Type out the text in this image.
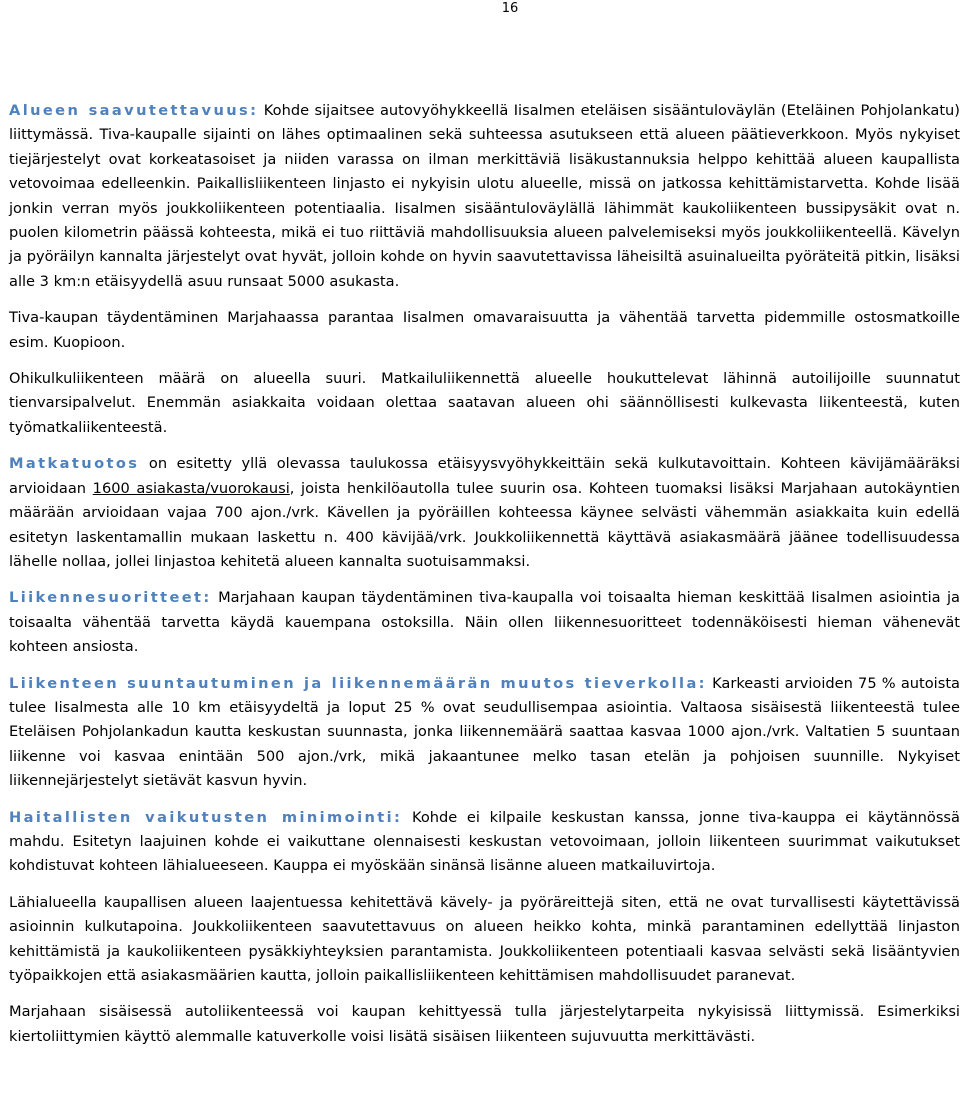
16

Alueen saavutettavuus: Kohde sijaitsee autovyöhykkeellä Iisalmen eteläisen sisääntuloväylän (Eteläinen Pohjolankatu) liittymässä. Tiva-kaupalle sijainti on lähes optimaalinen sekä suhteessa asutukseen että alueen päätieverkkoon. Myös nykyiset tiejärjestelyt ovat korkeatasoiset ja niiden varassa on ilman merkittäviä lisäkustannuksia helppo kehittää alueen kaupallista vetovoimaa edelleenkin. Paikallisliikenteen linjasto ei nykyisin ulotu alueelle, missä on jatkossa kehittämistarvetta. Kohde lisää jonkin verran myös joukkoliikenteen potentiaalia. Iisalmen sisääntuloväylällä lähimmät kaukoliikenteen bussipysäkit ovat n. puolen kilometrin päässä kohteesta, mikä ei tuo riittäviä mahdollisuuksia alueen palvelemiseksi myös joukkoliikenteellä. Kävelyn ja pyöräilyn kannalta järjestelyt ovat hyvät, jolloin kohde on hyvin saavutettavissa läheisiltä asuinalueilta pyöräteitä pitkin, lisäksi alle 3 km:n etäisyydellä asuu runsaat 5000 asukasta.

Tiva-kaupan täydentäminen Marjahaassa parantaa Iisalmen omavaraisuutta ja vähentää tarvetta pidemmille ostosmatkoille esim. Kuopioon.

Ohikulkuliikenteen määrä on alueella suuri. Matkailuliikennettä alueelle houkuttelevat lähinnä autoilijoille suunnatut tienvarsipalvelut. Enemmän asiakkaita voidaan olettaa saatavan alueen ohi säännöllisesti kulkevasta liikenteestä, kuten työmatkaliikenteestä.

Matkatuotos on esitetty yllä olevassa taulukossa etäisyysvyöhykkeittäin sekä kulkutavoittain. Kohteen kävijämääräksi arvioidaan 1600 asiakasta/vuorokausi, joista henkilöautolla tulee suurin osa. Kohteen tuomaksi lisäksi Marjahaan autokäyntien määrään arvioidaan vajaa 700 ajon./vrk. Kävellen ja pyöräillen kohteessa käynee selvästi vähemmän asiakkaita kuin edellä esitetyn laskentamallin mukaan laskettu n. 400 kävijää/vrk. Joukkoliikennettä käyttävä asiakasmäärä jäänee todellisuudessa lähelle nollaa, jollei linjastoa kehitetä alueen kannalta suotuisammaksi.

Liikennesuoritteet: Marjahaan kaupan täydentäminen tiva-kaupalla voi toisaalta hieman keskittää Iisalmen asiointia ja toisaalta vähentää tarvetta käydä kauempana ostoksilla. Näin ollen liikennesuoritteet todennäköisesti hieman vähenevät kohteen ansiosta.

Liikenteen suuntautuminen ja liikennemäärän muutos tieverkolla: Karkeasti arvioiden 75 % autoista tulee Iisalmesta alle 10 km etäisyydeltä ja loput 25 % ovat seudullisempaa asiointia. Valtaosa sisäisestä liikenteestä tulee Eteläisen Pohjolankadun kautta keskustan suunnasta, jonka liikennemäärä saattaa kasvaa 1000 ajon./vrk. Valtatien 5 suuntaan liikenne voi kasvaa enintään 500 ajon./vrk, mikä jakaantunee melko tasan etelän ja pohjoisen suunnille. Nykyiset liikennejärjestelyt sietävät kasvun hyvin.

Haitallisten vaikutusten minimointi: Kohde ei kilpaile keskustan kanssa, jonne tiva-kauppa ei käytännössä mahdu. Esitetyn laajuinen kohde ei vaikuttane olennaisesti keskustan vetovoimaan, jolloin liikenteen suurimmat vaikutukset kohdistuvat kohteen lähialueeseen. Kauppa ei myöskään sinänsä lisänne alueen matkailuvirtoja.

Lähialueella kaupallisen alueen laajentuessa kehitettävä kävely- ja pyöräreittejä siten, että ne ovat turvallisesti käytettävissä asioinnin kulkutapoina. Joukkoliikenteen saavutettavuus on alueen heikko kohta, minkä parantaminen edellyttää linjaston kehittämistä ja kaukoliikenteen pysäkkiyhteyksien parantamista. Joukkoliikenteen potentiaali kasvaa selvästi sekä lisääntyvien työpaikkojen että asiakasmäärien kautta, jolloin paikallisliikenteen kehittämisen mahdollisuudet paranevat.

Marjahaan sisäisessä autoliikenteessä voi kaupan kehittyessä tulla järjestelytarpeita nykyisissä liittymissä. Esimerkiksi kiertoliittymien käyttö alemmalle katuverkolle voisi lisätä sisäisen liikenteen sujuvuutta merkittävästi.
